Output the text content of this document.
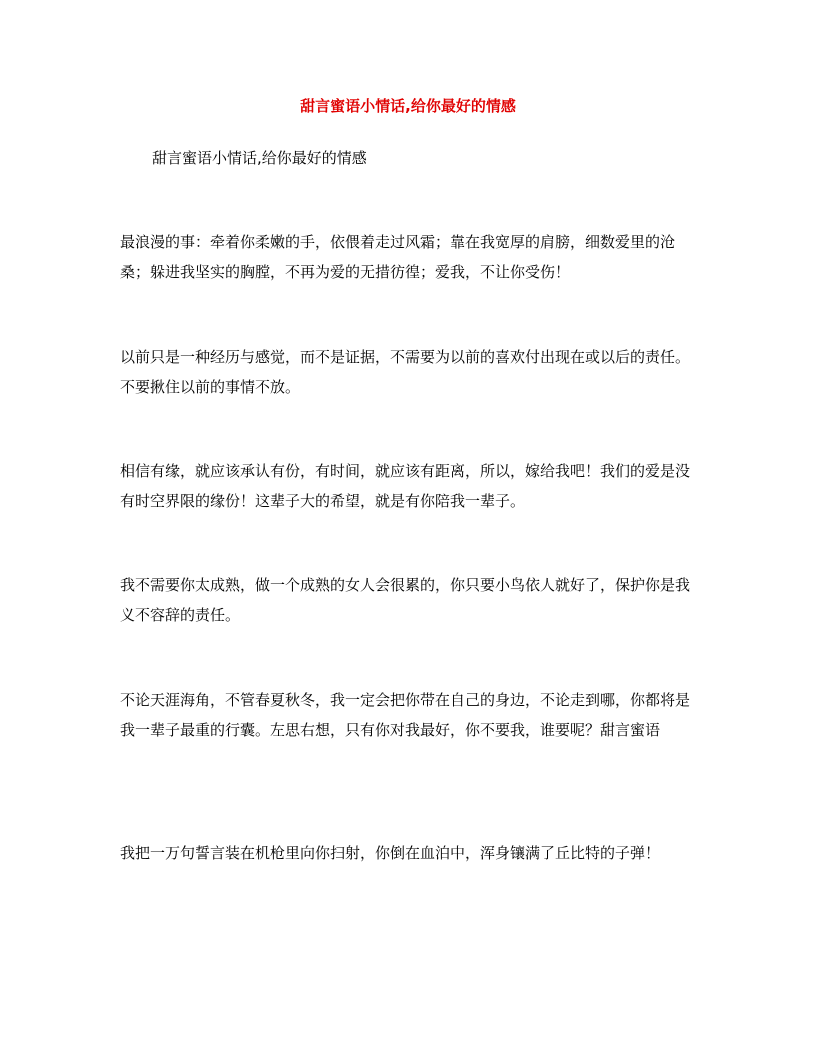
甜言蜜语小情话,给你最好的情感
甜言蜜语小情话,给你最好的情感

最浪漫的事：牵着你柔嫩的手，依偎着走过风霜；靠在我宽厚的肩膀，细数爱里的沧桑；躲进我坚实的胸膛，不再为爱的无措彷徨；爱我，不让你受伤！

以前只是一种经历与感觉，而不是证据，不需要为以前的喜欢付出现在或以后的责任。不要揪住以前的事情不放。

相信有缘，就应该承认有份，有时间，就应该有距离，所以，嫁给我吧！我们的爱是没有时空界限的缘份！这辈子大的希望，就是有你陪我一辈子。

我不需要你太成熟，做一个成熟的女人会很累的，你只要小鸟依人就好了，保护你是我义不容辞的责任。

不论天涯海角，不管春夏秋冬，我一定会把你带在自己的身边，不论走到哪，你都将是我一辈子最重的行囊。左思右想，只有你对我最好，你不要我，谁要呢？甜言蜜语

我把一万句誓言装在机枪里向你扫射，你倒在血泊中，浑身镶满了丘比特的子弹！
